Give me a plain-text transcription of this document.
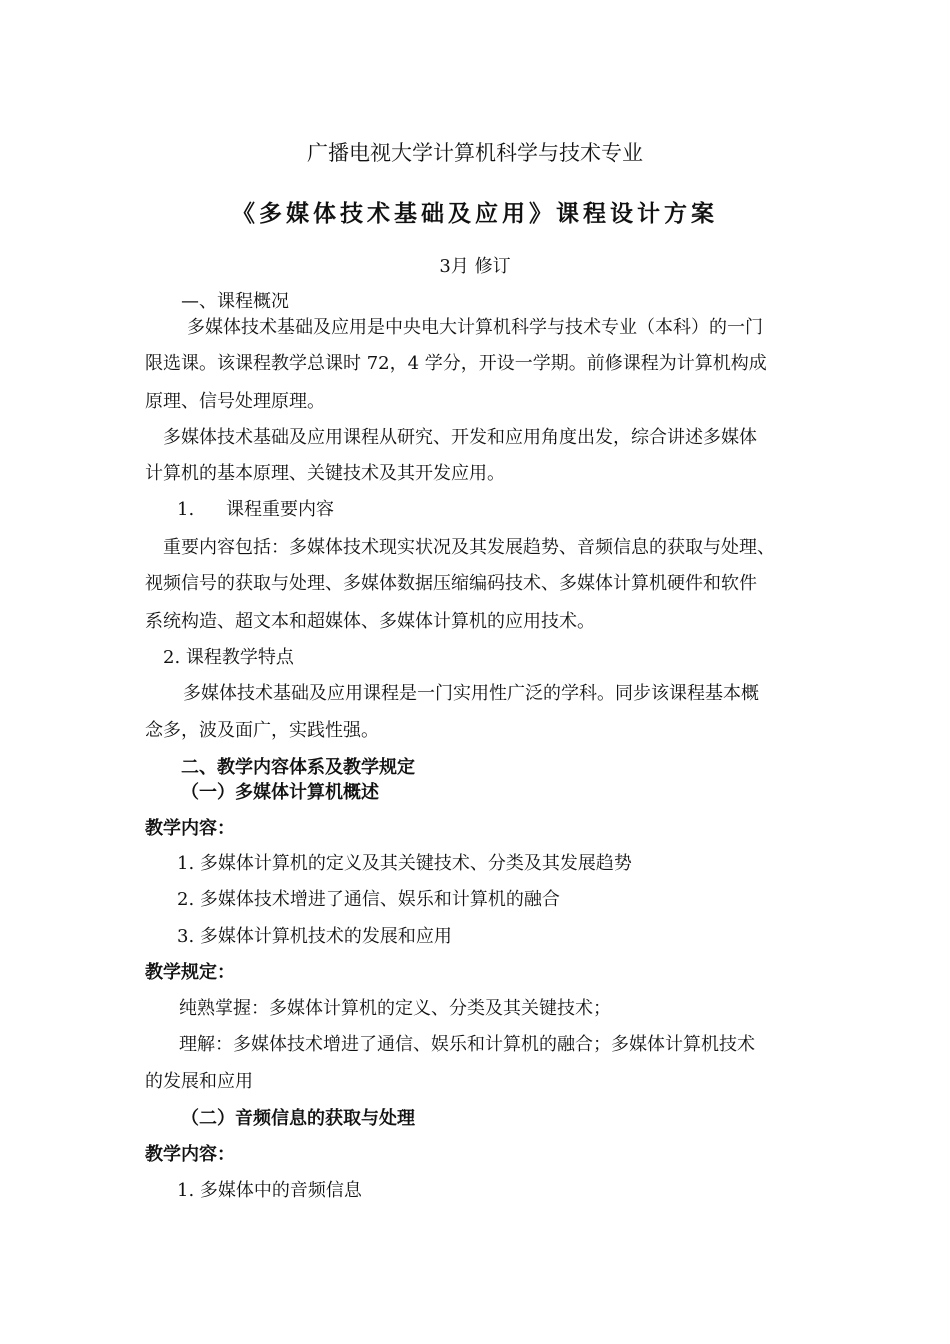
广播电视大学计算机科学与技术专业
《多媒体技术基础及应用》课程设计方案
3月 修订
—、课程概况
多媒体技术基础及应用是中央电大计算机科学与技术专业（本科）的一门
限选课。该课程教学总课时 72，4 学分，开设一学期。前修课程为计算机构成
原理、信号处理原理。
多媒体技术基础及应用课程从研究、开发和应用角度出发，综合讲述多媒体
计算机的基本原理、关键技术及其开发应用。
1. 课程重要内容
重要内容包括：多媒体技术现实状况及其发展趋势、音频信息的获取与处理、
视频信号的获取与处理、多媒体数据压缩编码技术、多媒体计算机硬件和软件
系统构造、超文本和超媒体、多媒体计算机的应用技术。
2. 课程教学特点
多媒体技术基础及应用课程是一门实用性广泛的学科。同步该课程基本概
念多，波及面广，实践性强。
二、教学内容体系及教学规定
（一）多媒体计算机概述
教学内容：
1. 多媒体计算机的定义及其关键技术、分类及其发展趋势
2. 多媒体技术增进了通信、娱乐和计算机的融合
3. 多媒体计算机技术的发展和应用
教学规定：
纯熟掌握：多媒体计算机的定义、分类及其关键技术；
理解：多媒体技术增进了通信、娱乐和计算机的融合；多媒体计算机技术
的发展和应用
（二）音频信息的获取与处理
教学内容：
1. 多媒体中的音频信息
